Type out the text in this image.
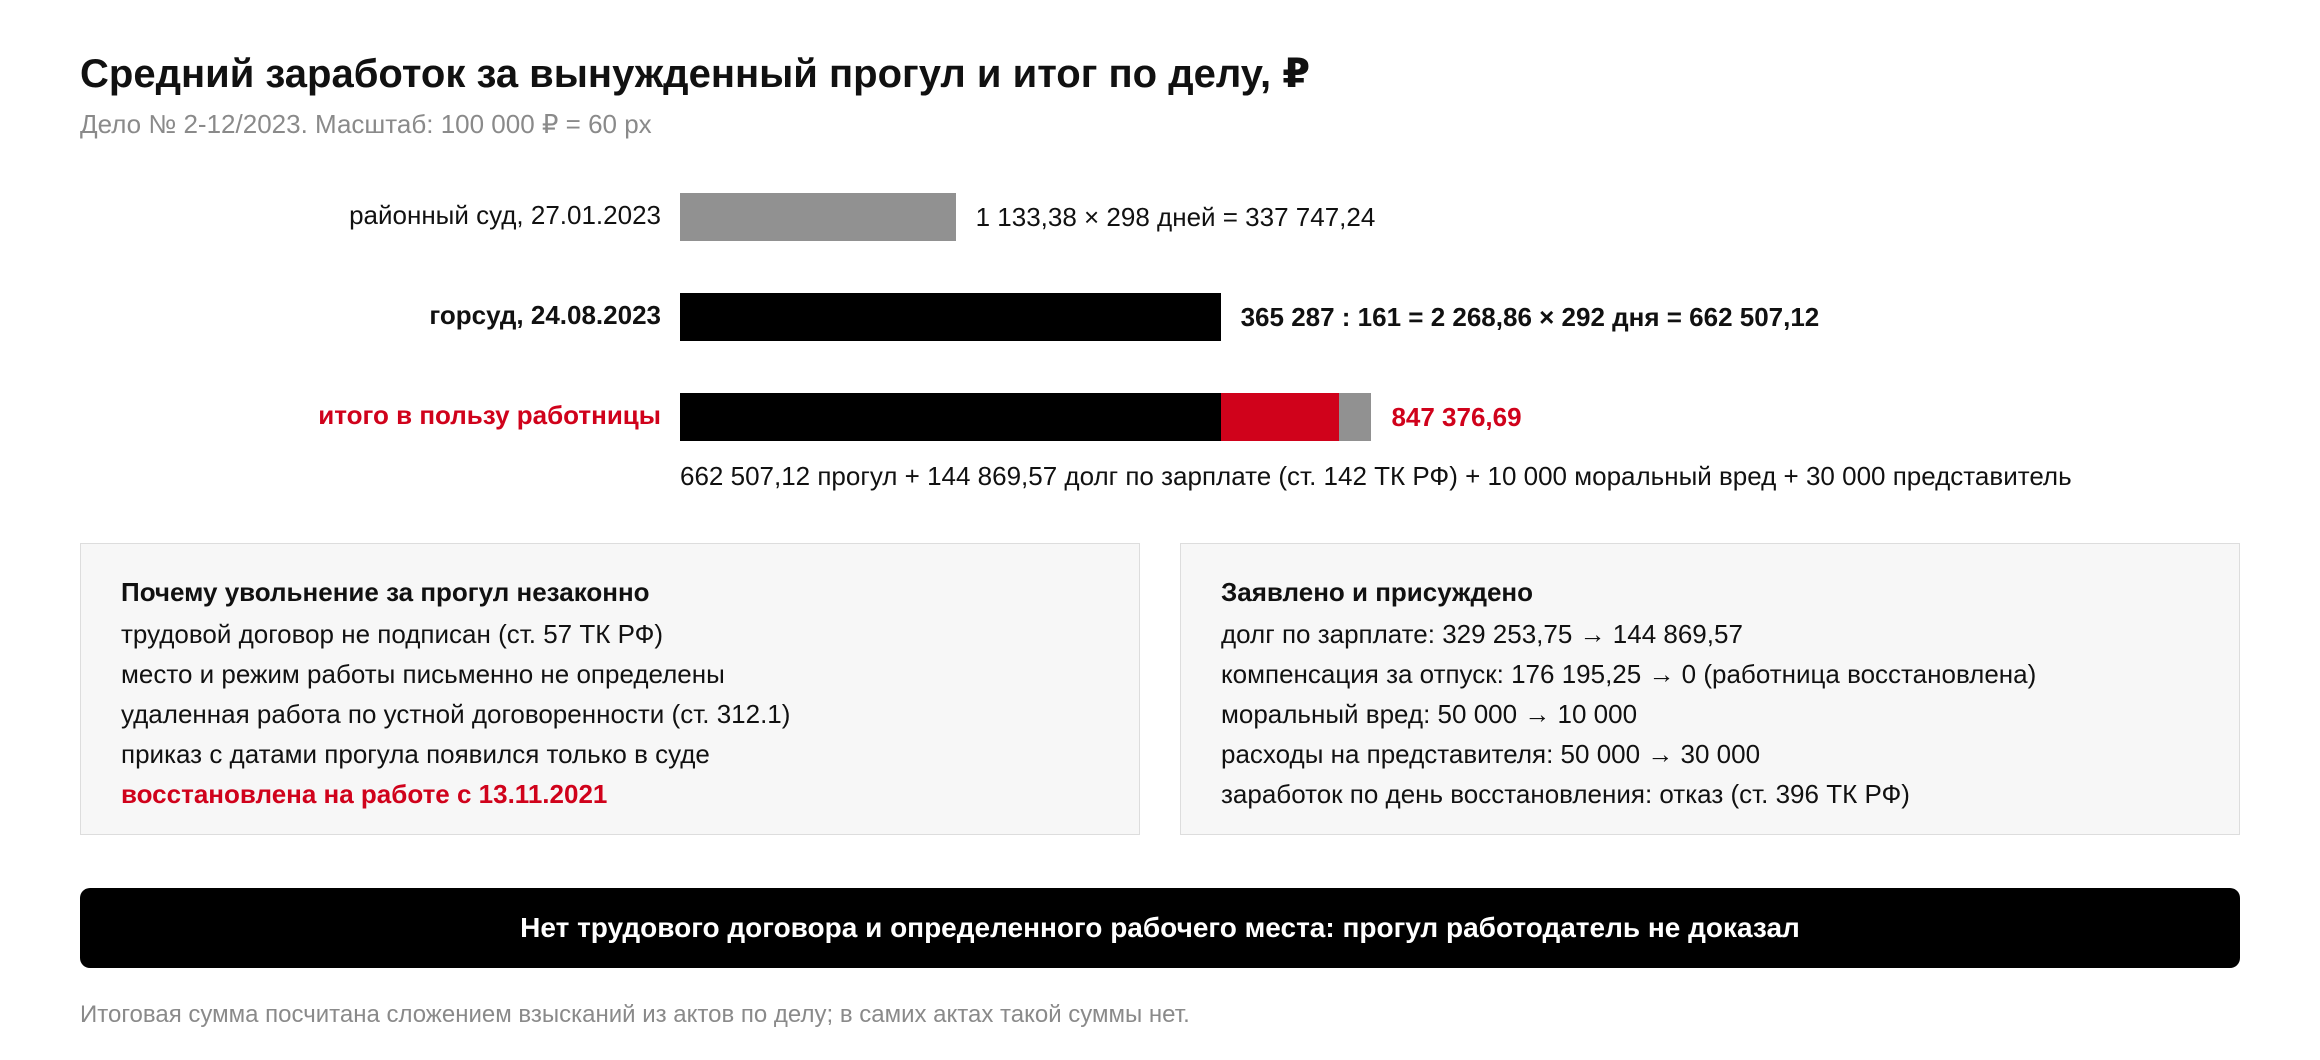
Средний заработок за вынужденный прогул и итог по делу, ₽
Дело № 2-12/2023. Масштаб: 100 000 ₽ = 60 px
районный суд, 27.01.2023
горсуд, 24.08.2023
итого в пользу работницы
1 133,38 × 298 дней = 337 747,24
365 287 : 161 = 2 268,86 × 292 дня = 662 507,12
847 376,69
662 507,12 прогул + 144 869,57 долг по зарплате (ст. 142 ТК РФ) + 10 000 моральный вред + 30 000 представитель
Почему увольнение за прогул незаконно
трудовой договор не подписан (ст. 57 ТК РФ)
место и режим работы письменно не определены
удаленная работа по устной договоренности (ст. 312.1)
приказ с датами прогула появился только в суде
восстановлена на работе с 13.11.2021
Заявлено и присуждено
долг по зарплате: 329 253,75 → 144 869,57
компенсация за отпуск: 176 195,25 → 0 (работница восстановлена)
моральный вред: 50 000 → 10 000
расходы на представителя: 50 000 → 30 000
заработок по день восстановления: отказ (ст. 396 ТК РФ)
Нет трудового договора и определенного рабочего места: прогул работодатель не доказал
Итоговая сумма посчитана сложением взысканий из актов по делу; в самих актах такой суммы нет.
